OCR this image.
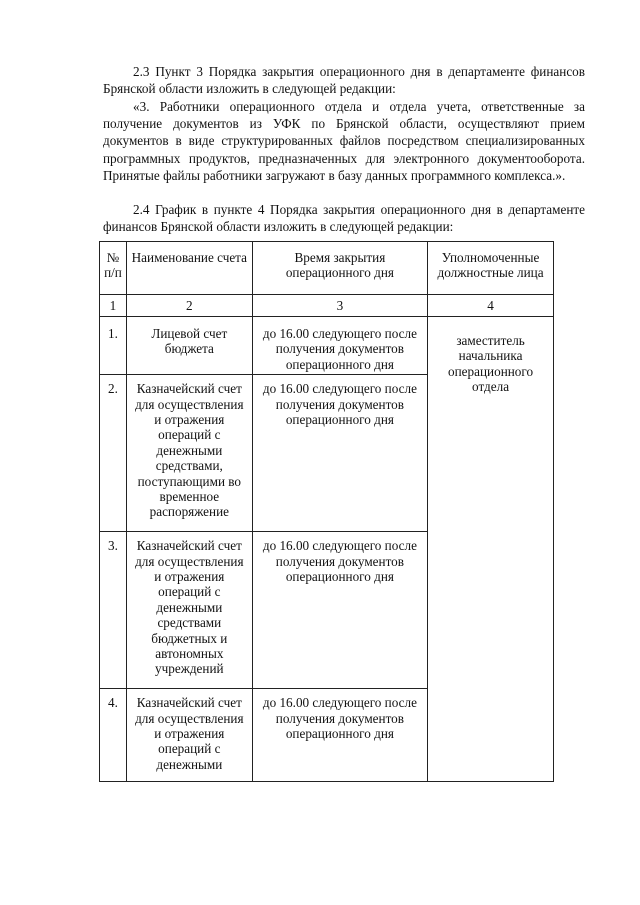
2.3 Пункт 3 Порядка закрытия операционного дня в департаменте финансов Брянской области изложить в следующей редакции:

«3. Работники операционного отдела и отдела учета, ответственные за получение документов из УФК по Брянской области, осуществляют прием документов в виде структурированных файлов посредством специализированных программных продуктов, предназначенных для электронного документооборота. Принятые файлы работники загружают в базу данных программного комплекса.».

2.4 График в пункте 4 Порядка закрытия операционного дня в департаменте финансов Брянской области изложить в следующей редакции:

№ п/п	Наименование счета	Время закрытия операционного дня	Уполномоченные должностные лица
1	2	3	4
1.	Лицевой счет бюджета	до 16.00 следующего после получения документов операционного дня	заместитель начальника операционного отдела
2.	Казначейский счет для осуществления и отражения операций с денежными средствами, поступающими во временное распоряжение	до 16.00 следующего после получения документов операционного дня	
3.	Казначейский счет для осуществления и отражения операций с денежными средствами бюджетных и автономных учреждений	до 16.00 следующего после получения документов операционного дня	
4.	Казначейский счет для осуществления и отражения операций с денежными	до 16.00 следующего после получения документов операционного дня	
